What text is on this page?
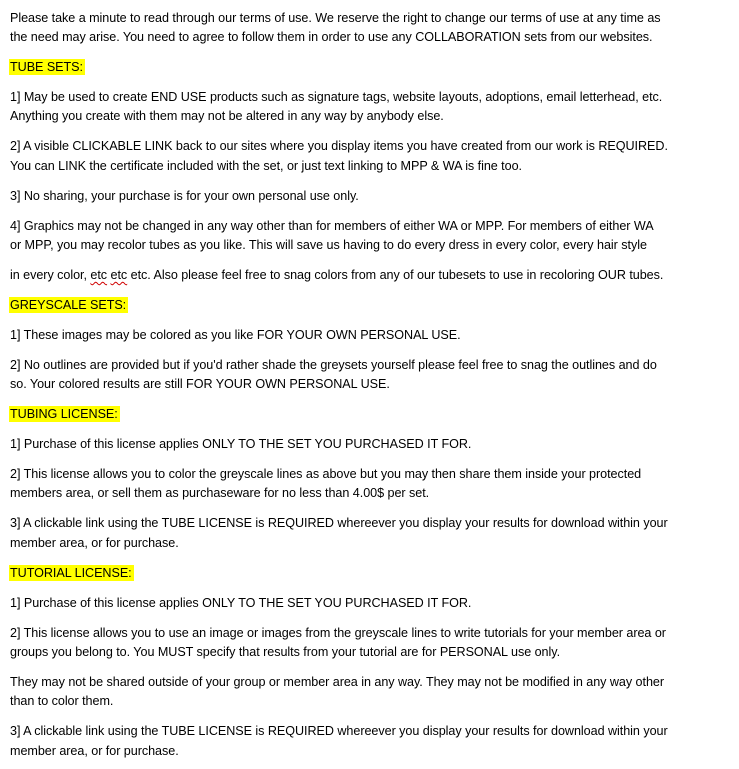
Please take a minute to read through our terms of use. We reserve the right to change our terms of use at any time as
the need may arise. You need to agree to follow them in order to use any COLLABORATION sets from our websites.
TUBE SETS:
1] May be used to create END USE products such as signature tags, website layouts, adoptions, email letterhead, etc.
Anything you create with them may not be altered in any way by anybody else.
2] A visible CLICKABLE LINK back to our sites where you display items you have created from our work is REQUIRED.
You can LINK the certificate included with the set, or just text linking to MPP & WA is fine too.
3] No sharing, your purchase is for your own personal use only.
4] Graphics may not be changed in any way other than for members of either WA or MPP. For members of either WA
or MPP, you may recolor tubes as you like. This will save us having to do every dress in every color, every hair style
in every color, etc etc etc. Also please feel free to snag colors from any of our tubesets to use in recoloring OUR tubes.
GREYSCALE SETS:
1] These images may be colored as you like FOR YOUR OWN PERSONAL USE.
2] No outlines are provided but if you'd rather shade the greysets yourself please feel free to snag the outlines and do
so. Your colored results are still FOR YOUR OWN PERSONAL USE.
TUBING LICENSE:
1] Purchase of this license applies ONLY TO THE SET YOU PURCHASED IT FOR.
2] This license allows you to color the greyscale lines as above but you may then share them inside your protected
members area, or sell them as purchaseware for no less than 4.00$ per set.
3] A clickable link using the TUBE LICENSE is REQUIRED whereever you display your results for download within your
member area, or for purchase.
TUTORIAL LICENSE:
1] Purchase of this license applies ONLY TO THE SET YOU PURCHASED IT FOR.
2] This license allows you to use an image or images from the greyscale lines to write tutorials for your member area or
groups you belong to. You MUST specify that results from your tutorial are for PERSONAL use only.
They may not be shared outside of your group or member area in any way. They may not be modified in any way other
than to color them.
3] A clickable link using the TUBE LICENSE is REQUIRED whereever you display your results for download within your
member area, or for purchase.
